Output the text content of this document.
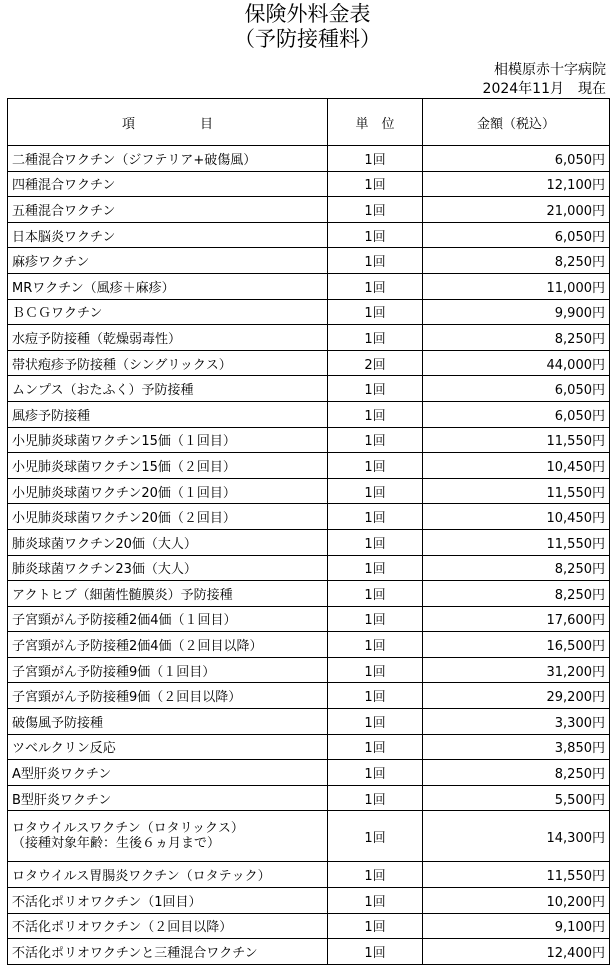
保険外料金表
（予防接種料）
相模原赤十字病院
2024年11月　現在
項　　　　　目	単　位	金額（税込）
二種混合ワクチン（ジフテリア+破傷風）	1回	6,050円
四種混合ワクチン	1回	12,100円
五種混合ワクチン	1回	21,000円
日本脳炎ワクチン	1回	6,050円
麻疹ワクチン	1回	8,250円
MRワクチン（風疹＋麻疹）	1回	11,000円
ＢＣＧワクチン	1回	9,900円
水痘予防接種（乾燥弱毒性）	1回	8,250円
帯状疱疹予防接種（シングリックス）	2回	44,000円
ムンプス（おたふく）予防接種	1回	6,050円
風疹予防接種	1回	6,050円
小児肺炎球菌ワクチン15価（１回目）	1回	11,550円
小児肺炎球菌ワクチン15価（２回目）	1回	10,450円
小児肺炎球菌ワクチン20価（１回目）	1回	11,550円
小児肺炎球菌ワクチン20価（２回目）	1回	10,450円
肺炎球菌ワクチン20価（大人）	1回	11,550円
肺炎球菌ワクチン23価（大人）	1回	8,250円
アクトヒブ（細菌性髄膜炎）予防接種	1回	8,250円
子宮頸がん予防接種2価4価（１回目）	1回	17,600円
子宮頸がん予防接種2価4価（２回目以降）	1回	16,500円
子宮頸がん予防接種9価（１回目）	1回	31,200円
子宮頸がん予防接種9価（２回目以降）	1回	29,200円
破傷風予防接種	1回	3,300円
ツベルクリン反応	1回	3,850円
A型肝炎ワクチン	1回	8,250円
B型肝炎ワクチン	1回	5,500円

ロタウイルスワクチン（ロタリックス）
（接種対象年齢：生後６ヵ月まで）	1回	14,300円
ロタウイルス胃腸炎ワクチン（ロタテック）	1回	11,550円
不活化ポリオワクチン（1回目）	1回	10,200円
不活化ポリオワクチン（２回目以降）	1回	9,100円
不活化ポリオワクチンと三種混合ワクチン	1回	12,400円
